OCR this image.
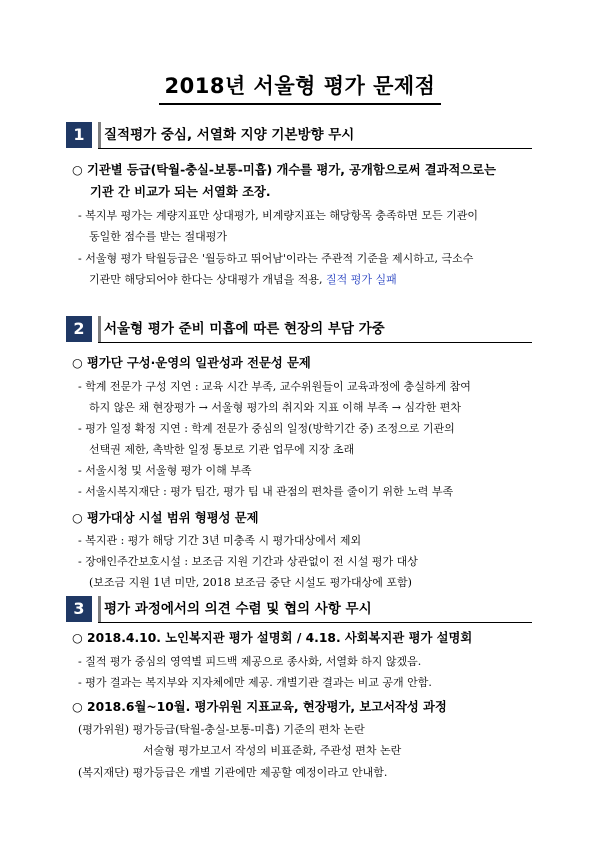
2018년 서울형 평가 문제점
1	질적평가 중심, 서열화 지양 기본방향 무시
○ 기관별 등급(탁월-충실-보통-미흡) 개수를 평가, 공개함으로써 결과적으로는
기관 간 비교가 되는 서열화 조장.
- 복지부 평가는 계량지표만 상대평가, 비계량지표는 해당항목 충족하면 모든 기관이
동일한 점수를 받는 절대평가
- 서울형 평가 탁월등급은 '월등하고 뛰어남'이라는 주관적 기준을 제시하고, 극소수
기관만 해당되어야 한다는 상대평가 개념을 적용, 질적 평가 실패
2	서울형 평가 준비 미흡에 따른 현장의 부담 가중
○ 평가단 구성·운영의 일관성과 전문성 문제
- 학계 전문가 구성 지연 : 교육 시간 부족, 교수위원들이 교육과정에 충실하게 참여
하지 않은 채 현장평가 → 서울형 평가의 취지와 지표 이해 부족 → 심각한 편차
- 평가 일정 확정 지연 : 학계 전문가 중심의 일정(방학기간 중) 조정으로 기관의
선택권 제한, 촉박한 일정 통보로 기관 업무에 지장 초래
- 서울시청 및 서울형 평가 이해 부족
- 서울시복지재단 : 평가 팀간, 평가 팀 내 관점의 편차를 줄이기 위한 노력 부족
○ 평가대상 시설 범위 형평성 문제
- 복지관 : 평가 해당 기간 3년 미충족 시 평가대상에서 제외
- 장애인주간보호시설 : 보조금 지원 기간과 상관없이 전 시설 평가 대상
(보조금 지원 1년 미만, 2018 보조금 중단 시설도 평가대상에 포함)
3	평가 과정에서의 의견 수렴 및 협의 사항 무시
○ 2018.4.10. 노인복지관 평가 설명회 / 4.18. 사회복지관 평가 설명회
- 질적 평가 중심의 영역별 피드백 제공으로 종사화, 서열화 하지 않겠음.
- 평가 결과는 복지부와 지자체에만 제공. 개별기관 결과는 비교 공개 안함.
○ 2018.6월~10월. 평가위원 지표교육, 현장평가, 보고서작성 과정
(평가위원) 평가등급(탁월-충실-보통-미흡) 기준의 편차 논란
서술형 평가보고서 작성의 비표준화, 주관성 편차 논란
(복지재단) 평가등급은 개별 기관에만 제공할 예정이라고 안내함.
